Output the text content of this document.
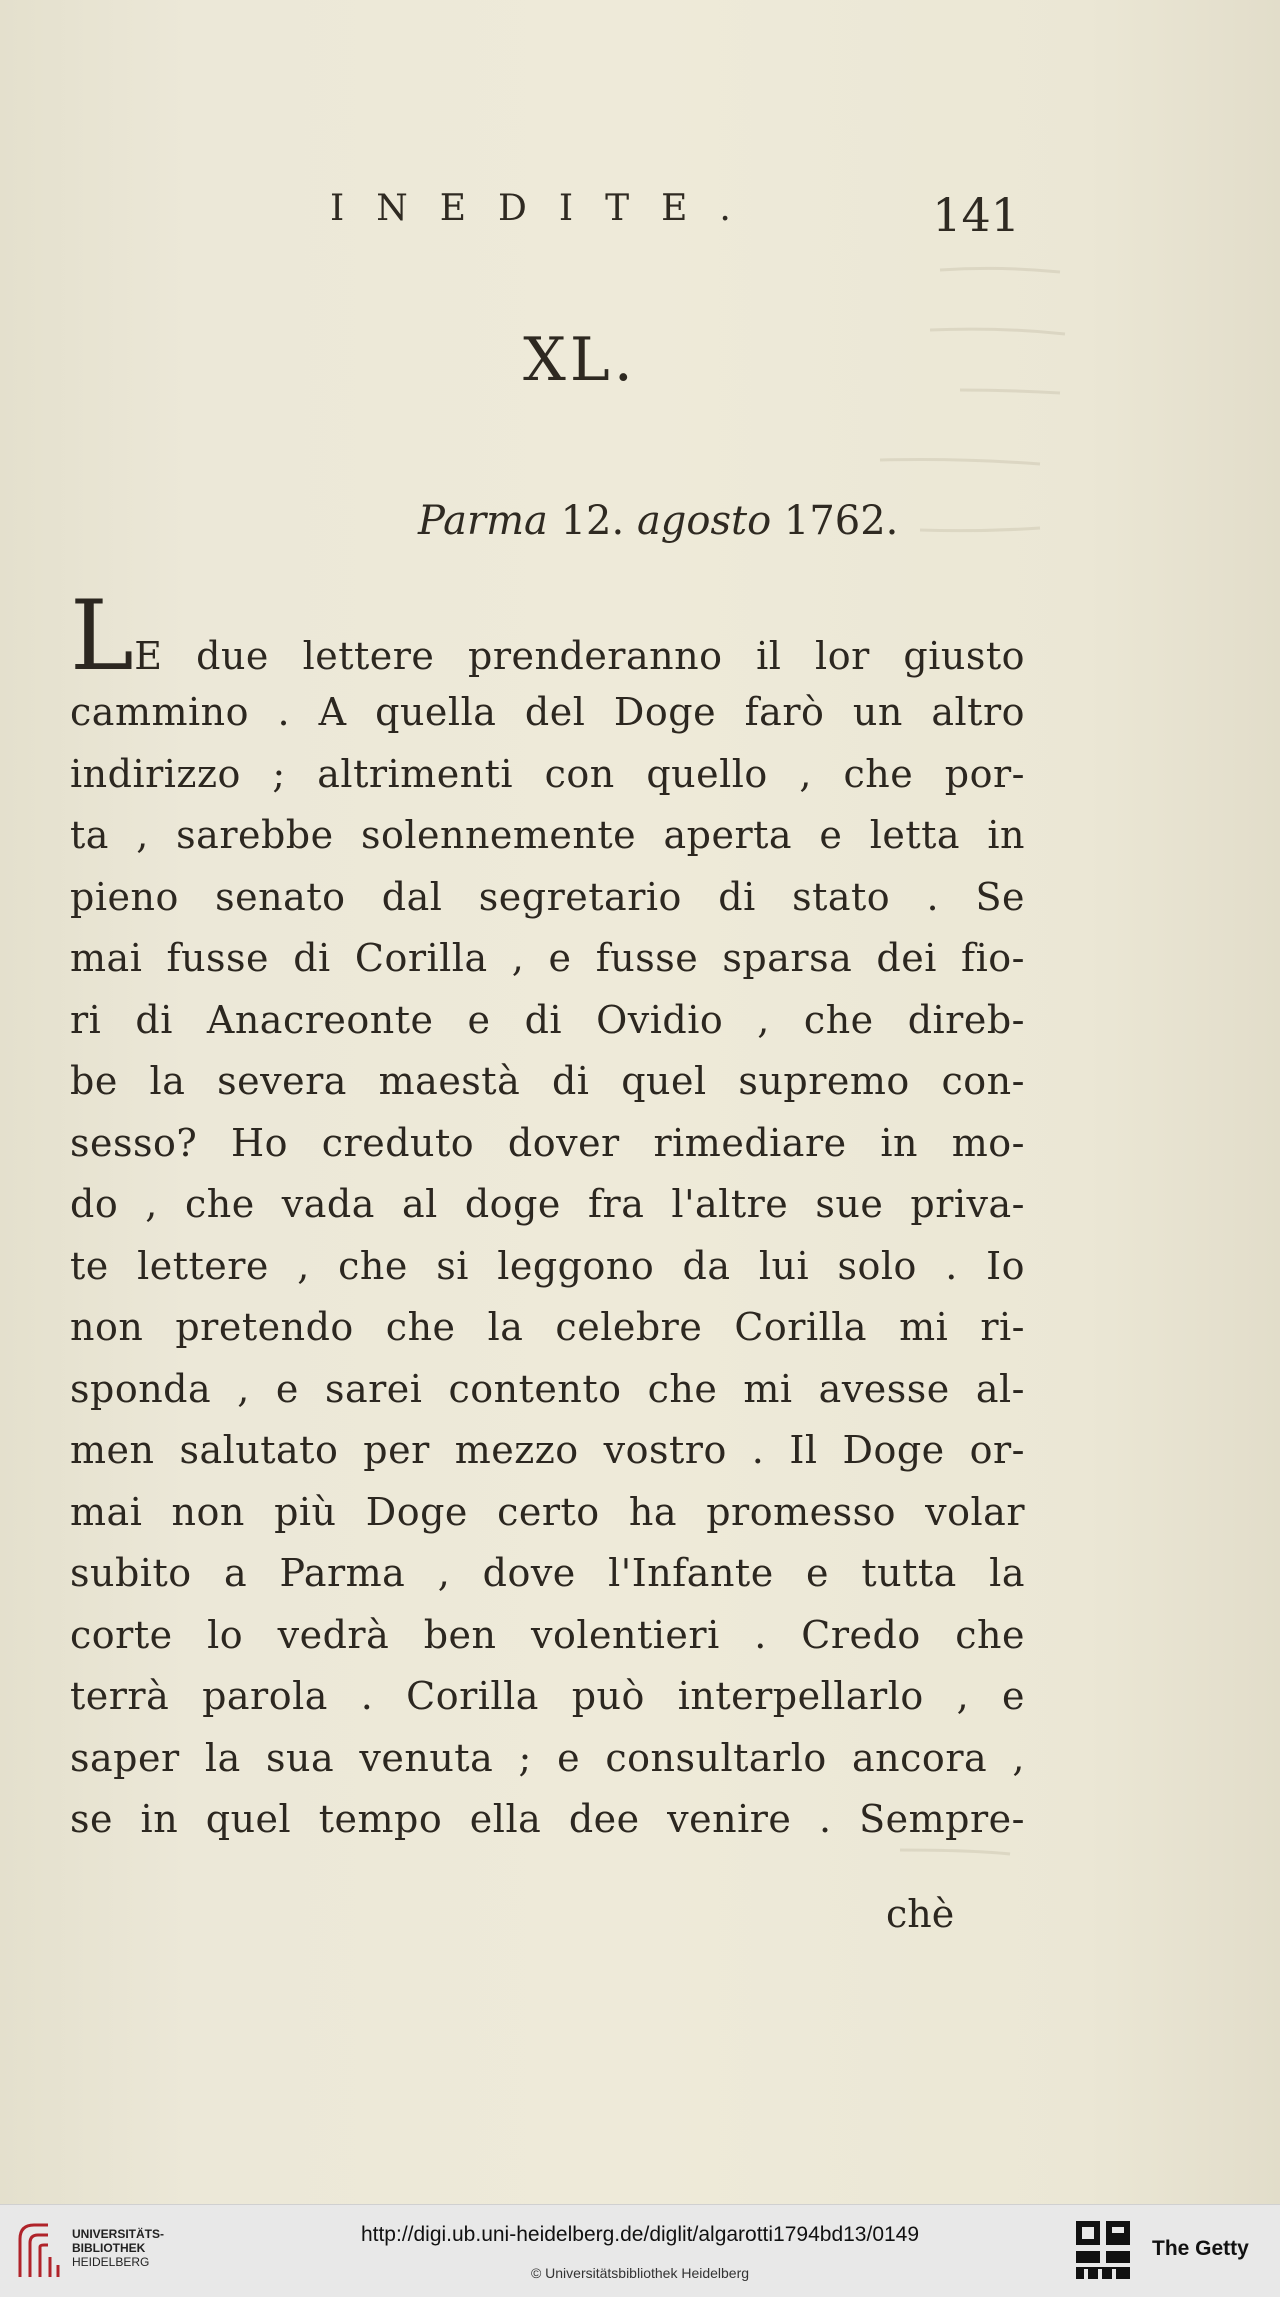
INEDITE.	141
XL.
Parma 12. agosto 1762.
LE due lettere prenderanno il lor giusto
cammino . A quella del Doge farò un altro
indirizzo ; altrimenti con quello , che por-
ta , sarebbe solennemente aperta e letta in
pieno senato dal segretario di stato . Se
mai fusse di Corilla , e fusse sparsa dei fio-
ri di Anacreonte e di Ovidio , che direb-
be la severa maestà di quel supremo con-
sesso? Ho creduto dover rimediare in mo-
do , che vada al doge fra l'altre sue priva-
te lettere , che si leggono da lui solo . Io
non pretendo che la celebre Corilla mi ri-
sponda , e sarei contento che mi avesse al-
men salutato per mezzo vostro . Il Doge or-
mai non più Doge certo ha promesso volar
subito a Parma , dove l'Infante e tutta la
corte lo vedrà ben volentieri . Credo che
terrà parola . Corilla può interpellarlo , e
saper la sua venuta ; e consultarlo ancora ,
se in quel tempo ella dee venire . Sempre-
chè
UNIVERSITÄTS-
BIBLIOTHEK
HEIDELBERG
http://digi.ub.uni-heidelberg.de/diglit/algarotti1794bd13/0149
© Universitätsbibliothek Heidelberg
The Getty
